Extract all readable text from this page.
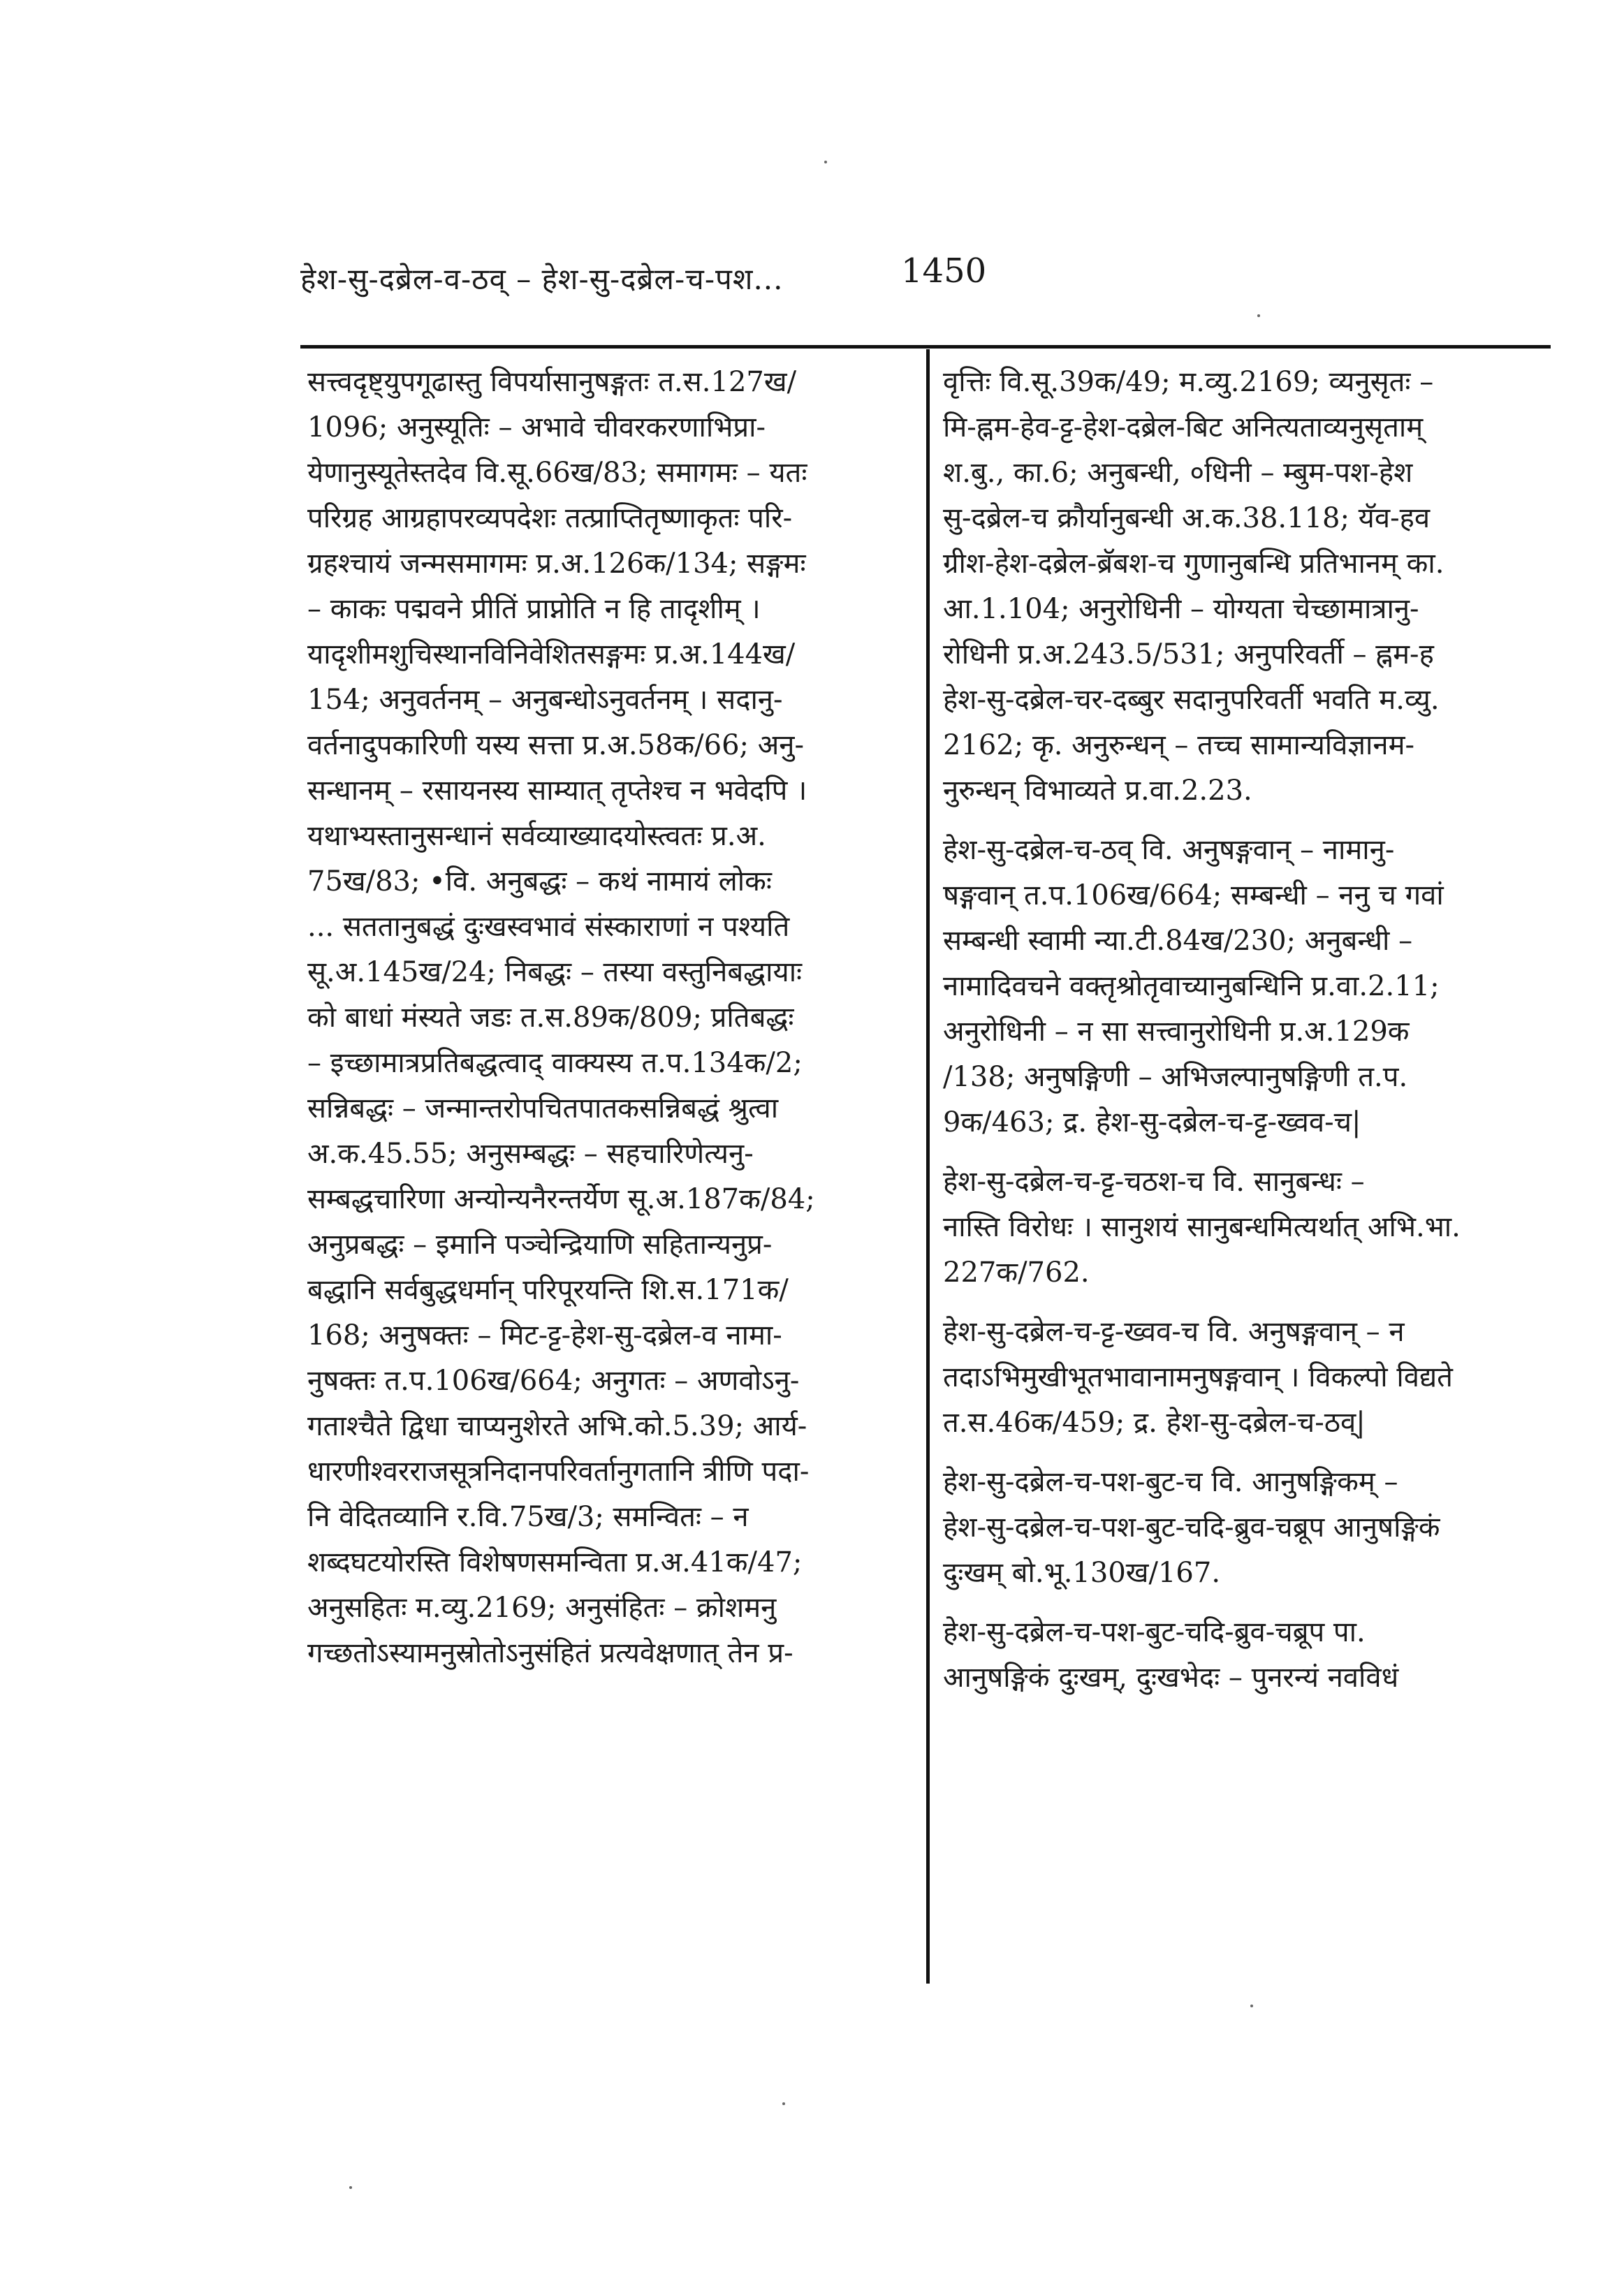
हेश-सु-दब्रेल-व-ठव् – हेश-सु-दब्रेल-च-पश...	1450
सत्त्वदृष्ट्युपगूढास्तु विपर्यासानुषङ्गतः त.स.127ख/
1096; अनुस्यूतिः – अभावे चीवरकरणाभिप्रा-
येणानुस्यूतेस्तदेव वि.सू.66ख/83; समागमः – यतः
परिग्रह आग्रहापरव्यपदेशः तत्प्राप्तितृष्णाकृतः परि-
ग्रहश्चायं जन्मसमागमः प्र.अ.126क/134; सङ्गमः
– काकः पद्मवने प्रीतिं प्राप्नोति न हि तादृशीम् ।
यादृशीमशुचिस्थानविनिवेशितसङ्गमः प्र.अ.144ख/
154; अनुवर्तनम् – अनुबन्धोऽनुवर्तनम् । सदानु-
वर्तनादुपकारिणी यस्य सत्ता प्र.अ.58क/66; अनु-
सन्धानम् – रसायनस्य साम्यात् तृप्तेश्च न भवेदपि ।
यथाभ्यस्तानुसन्धानं सर्वव्याख्यादयोस्त्वतः प्र.अ.
75ख/83; •वि. अनुबद्धः – कथं नामायं लोकः
... सततानुबद्धं दुःखस्वभावं संस्काराणां न पश्यति
सू.अ.145ख/24; निबद्धः – तस्या वस्तुनिबद्धायाः
को बाधां मंस्यते जडः त.स.89क/809; प्रतिबद्धः
– इच्छामात्रप्रतिबद्धत्वाद् वाक्यस्य त.प.134क/2;
सन्निबद्धः – जन्मान्तरोपचितपातकसन्निबद्धं श्रुत्वा
अ.क.45.55; अनुसम्बद्धः – सहचारिणेत्यनु-
सम्बद्धचारिणा अन्योन्यनैरन्तर्येण सू.अ.187क/84;
अनुप्रबद्धः – इमानि पञ्चेन्द्रियाणि सहितान्यनुप्र-
बद्धानि सर्वबुद्धधर्मान् परिपूरयन्ति शि.स.171क/
168; अनुषक्तः – मिट-ट्ट-हेश-सु-दब्रेल-व नामा-
नुषक्तः त.प.106ख/664; अनुगतः – अणवोऽनु-
गताश्चैते द्विधा चाप्यनुशेरते अभि.को.5.39; आर्य-
धारणीश्वरराजसूत्रनिदानपरिवर्तानुगतानि त्रीणि पदा-
नि वेदितव्यानि र.वि.75ख/3; समन्वितः – न
शब्दघटयोरस्ति विशेषणसमन्विता प्र.अ.41क/47;
अनुसहितः म.व्यु.2169; अनुसंहितः – क्रोशमनु
गच्छतोऽस्यामनुस्रोतोऽनुसंहितं प्रत्यवेक्षणात् तेन प्र-
वृत्तिः वि.सू.39क/49; म.व्यु.2169; व्यनुसृतः –
मि-ह्नम-हेव-ट्ट-हेश-दब्रेल-बिट अनित्यताव्यनुसृताम्
श.बु., का.6; अनुबन्धी, ०धिनी – म्बुम-पश-हेश
सु-दब्रेल-च क्रौर्यानुबन्धी अ.क.38.118; यॅव-हव
ग्रीश-हेश-दब्रेल-ब्रॅबश-च गुणानुबन्धि प्रतिभानम् का.
आ.1.104; अनुरोधिनी – योग्यता चेच्छामात्रानु-
रोधिनी प्र.अ.243.5/531; अनुपरिवर्ती – ह्नम-ह
हेश-सु-दब्रेल-चर-दब्बुर सदानुपरिवर्ती भवति म.व्यु.
2162; कृ. अनुरुन्धन् – तच्च सामान्यविज्ञानम-
नुरुन्धन् विभाव्यते प्र.वा.2.23.
हेश-सु-दब्रेल-च-ठव् वि. अनुषङ्गवान् – नामानु-
षङ्गवान् त.प.106ख/664; सम्बन्धी – ननु च गवां
सम्बन्धी स्वामी न्या.टी.84ख/230; अनुबन्धी –
नामादिवचने वक्तृश्रोतृवाच्यानुबन्धिनि प्र.वा.2.11;
अनुरोधिनी – न सा सत्त्वानुरोधिनी प्र.अ.129क
/138; अनुषङ्गिणी – अभिजल्पानुषङ्गिणी त.प.
9क/463; द्र. हेश-सु-दब्रेल-च-ट्ट-ख्वव-च|
हेश-सु-दब्रेल-च-ट्ट-चठश-च वि. सानुबन्धः –
नास्ति विरोधः । सानुशयं सानुबन्धमित्यर्थात् अभि.भा.
227क/762.
हेश-सु-दब्रेल-च-ट्ट-ख्वव-च वि. अनुषङ्गवान् – न
तदाऽभिमुखीभूतभावानामनुषङ्गवान् । विकल्पो विद्यते
त.स.46क/459; द्र. हेश-सु-दब्रेल-च-ठव्|
हेश-सु-दब्रेल-च-पश-बुट-च वि. आनुषङ्गिकम् –
हेश-सु-दब्रेल-च-पश-बुट-चदि-ब्रुव-चब्रूप आनुषङ्गिकं
दुःखम् बो.भू.130ख/167.
हेश-सु-दब्रेल-च-पश-बुट-चदि-ब्रुव-चब्रूप पा.
आनुषङ्गिकं दुःखम्, दुःखभेदः – पुनरन्यं नवविधं
